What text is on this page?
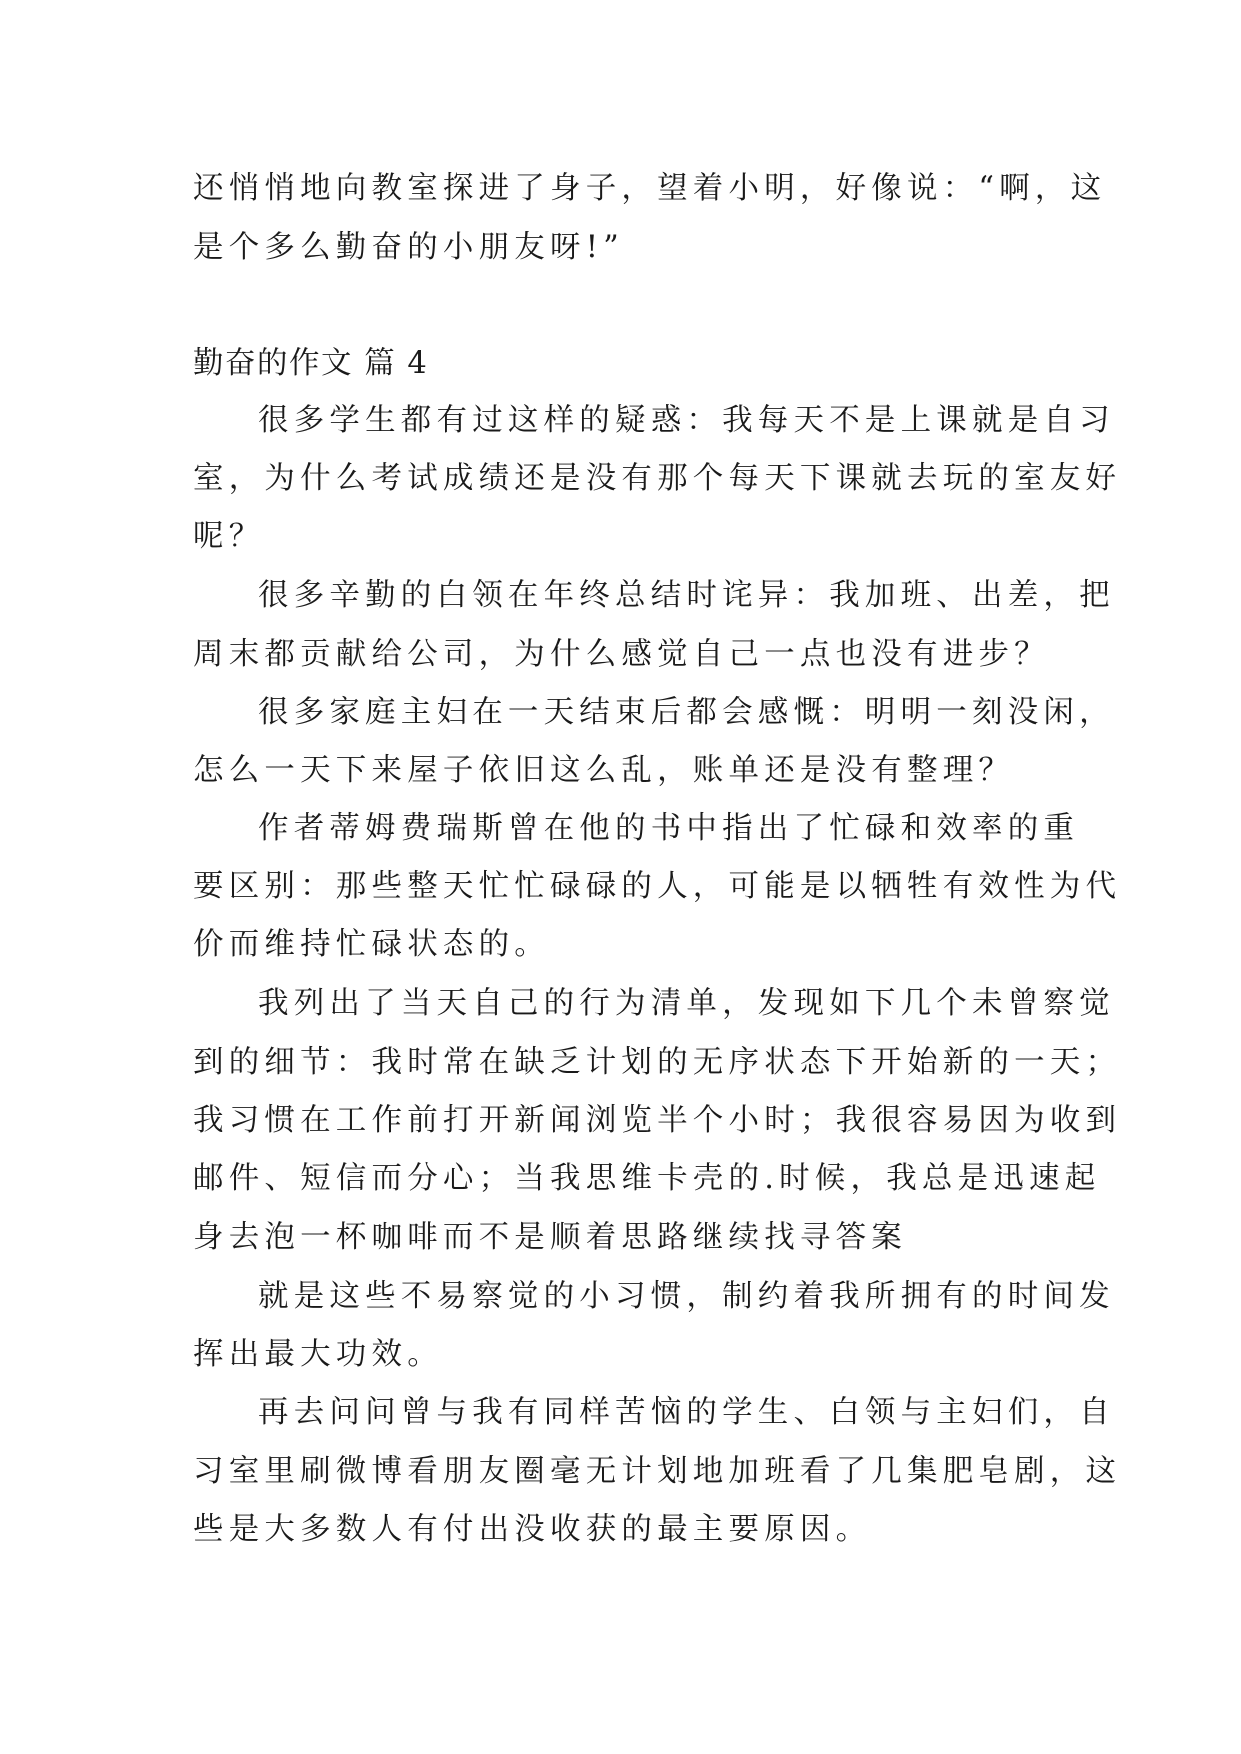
还悄悄地向教室探进了身子，望着小明，好像说：“啊，这
是个多么勤奋的小朋友呀!”
勤奋的作文 篇 4
很多学生都有过这样的疑惑：我每天不是上课就是自习
室，为什么考试成绩还是没有那个每天下课就去玩的室友好
呢？
很多辛勤的白领在年终总结时诧异：我加班、出差，把
周末都贡献给公司，为什么感觉自己一点也没有进步？
很多家庭主妇在一天结束后都会感慨：明明一刻没闲，
怎么一天下来屋子依旧这么乱，账单还是没有整理？
作者蒂姆费瑞斯曾在他的书中指出了忙碌和效率的重
要区别：那些整天忙忙碌碌的人，可能是以牺牲有效性为代
价而维持忙碌状态的。
我列出了当天自己的行为清单，发现如下几个未曾察觉
到的细节：我时常在缺乏计划的无序状态下开始新的一天；
我习惯在工作前打开新闻浏览半个小时；我很容易因为收到
邮件、短信而分心；当我思维卡壳的.时候，我总是迅速起
身去泡一杯咖啡而不是顺着思路继续找寻答案
就是这些不易察觉的小习惯，制约着我所拥有的时间发
挥出最大功效。
再去问问曾与我有同样苦恼的学生、白领与主妇们，自
习室里刷微博看朋友圈毫无计划地加班看了几集肥皂剧，这
些是大多数人有付出没收获的最主要原因。
